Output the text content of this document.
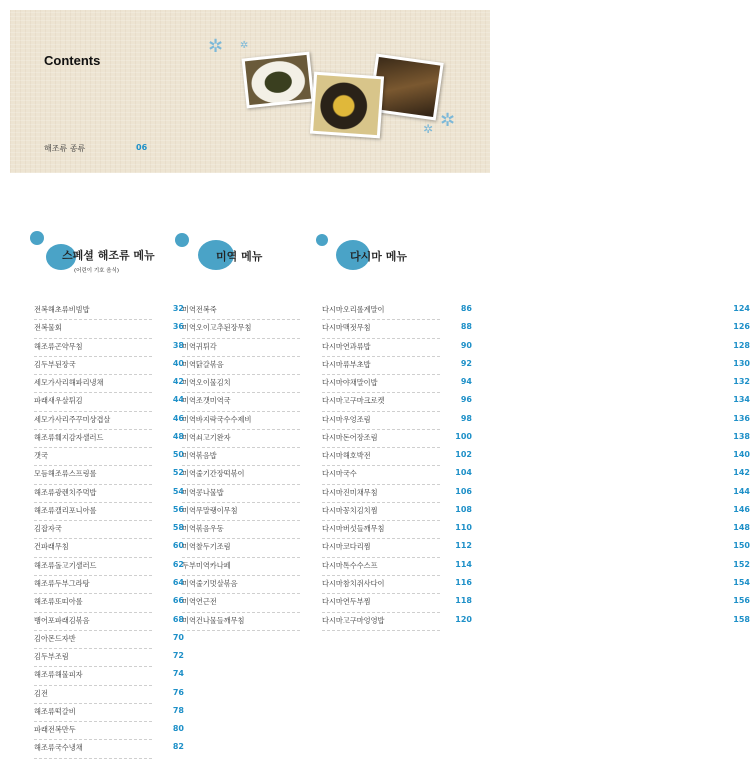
Contents
✲
✲
✲
✲
해조류 종류	06
스페셜 해조류 메뉴
(어린이 기호 음식)
미역 메뉴	다시마 메뉴
전복해초류비빔밥	32
전복물회	36
해조류곤약무침	38
김두부된장국	40
세모가사리해파리냉채	42
파래새우살튀김	44
세모가사리주꾸미샹겹살	46
해조류훼지감자샐러드	48
갯국	50
모듬해조류스프링롤	52
해조류광렌치주먹밥	54
해조류캘리포니아롤	56
김잡자국	58
건파래무침	60
해조류돌고기샐러드	62
해조류두부그라탕	64
해조류또띠아롤	66
뱅어포파래김볶음	68
김아몬드자반	70
김두부조림	72
해조류해물피자	74
김전	76
해조류떡갈비	78
파래전복만두	80
해조류국수냉채	82
미역전복죽	86
미역오이고추된장무침	88
미역귀튀각	90
미역닭갈볶음	92
미역오이물김치	94
미역조갯미역국	96
미역바지락국수수제비	98
미역쇠고기완자	100
미역볶음밥	102
미역줄기간장떡볶이	104
미역콩나물밥	106
미역무말랭이무침	108
미역볶음우동	110
미역찰두기조림	112
두부미역카나페	114
미역줄기멋살볶음	116
미역연근전	118
미역건나물들깨무침	120
다시마오리롤계말이	124
다시마맥젓무침	126
다시마연과류밥	128
다시마류부초밥	130
다시마야채말이밥	132
다시마고구마크로켓	134
다시마우엉조림	136
다시마돈어장조림	138
다시마해호박전	140
다시마국수	142
다시마진미채무침	144
다시마꽁치김치찜	146
다시마버섯들깨무침	148
다시마코다리찜	150
다시마톡수수스프	152
다시마참치쥐사다이	154
다시마연두부찜	156
다시마고구마엉영밥	158
